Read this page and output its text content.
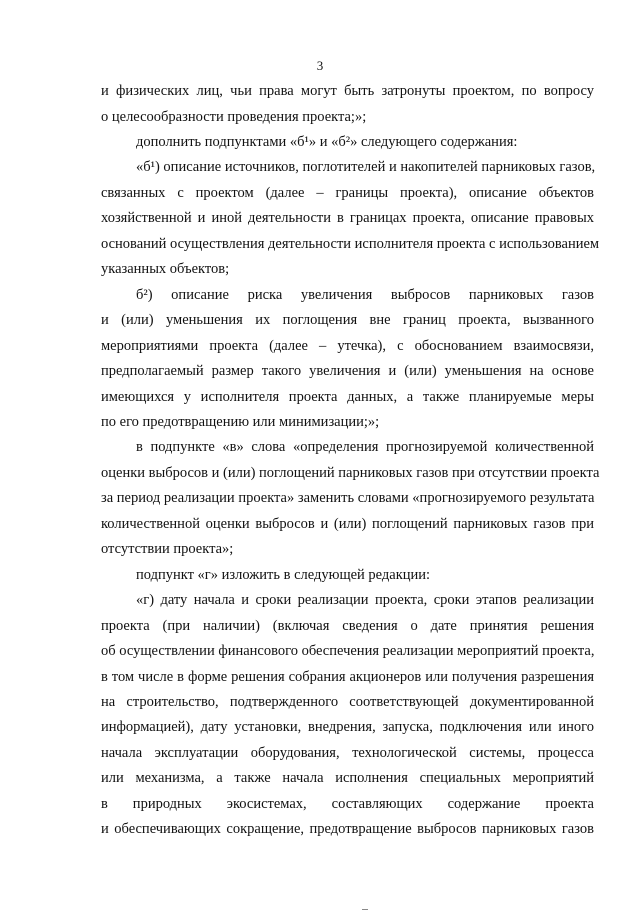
3
и физических лиц, чьи права могут быть затронуты проектом, по вопросу
о целесообразности проведения проекта;»;
дополнить подпунктами «б¹» и «б²» следующего содержания:
«б¹) описание источников, поглотителей и накопителей парниковых газов,
связанных с проектом (далее – границы проекта), описание объектов
хозяйственной и иной деятельности в границах проекта, описание правовых
оснований осуществления деятельности исполнителя проекта с использованием
указанных объектов;
б²) описание риска увеличения выбросов парниковых газов
и (или) уменьшения их поглощения вне границ проекта, вызванного
мероприятиями проекта (далее – утечка), с обоснованием взаимосвязи,
предполагаемый размер такого увеличения и (или) уменьшения на основе
имеющихся у исполнителя проекта данных, а также планируемые меры
по его предотвращению или минимизации;»;
в подпункте «в» слова «определения прогнозируемой количественной
оценки выбросов и (или) поглощений парниковых газов при отсутствии проекта
за период реализации проекта» заменить словами «прогнозируемого результата
количественной оценки выбросов и (или) поглощений парниковых газов при
отсутствии проекта»;
подпункт «г» изложить в следующей редакции:
«г) дату начала и сроки реализации проекта, сроки этапов реализации
проекта (при наличии) (включая сведения о дате принятия решения
об осуществлении финансового обеспечения реализации мероприятий проекта,
в том числе в форме решения собрания акционеров или получения разрешения
на строительство, подтвержденного соответствующей документированной
информацией), дату установки, внедрения, запуска, подключения или иного
начала эксплуатации оборудования, технологической системы, процесса
или механизма, а также начала исполнения специальных мероприятий
в природных экосистемах, составляющих содержание проекта
и обеспечивающих сокращение, предотвращение выбросов парниковых газов
